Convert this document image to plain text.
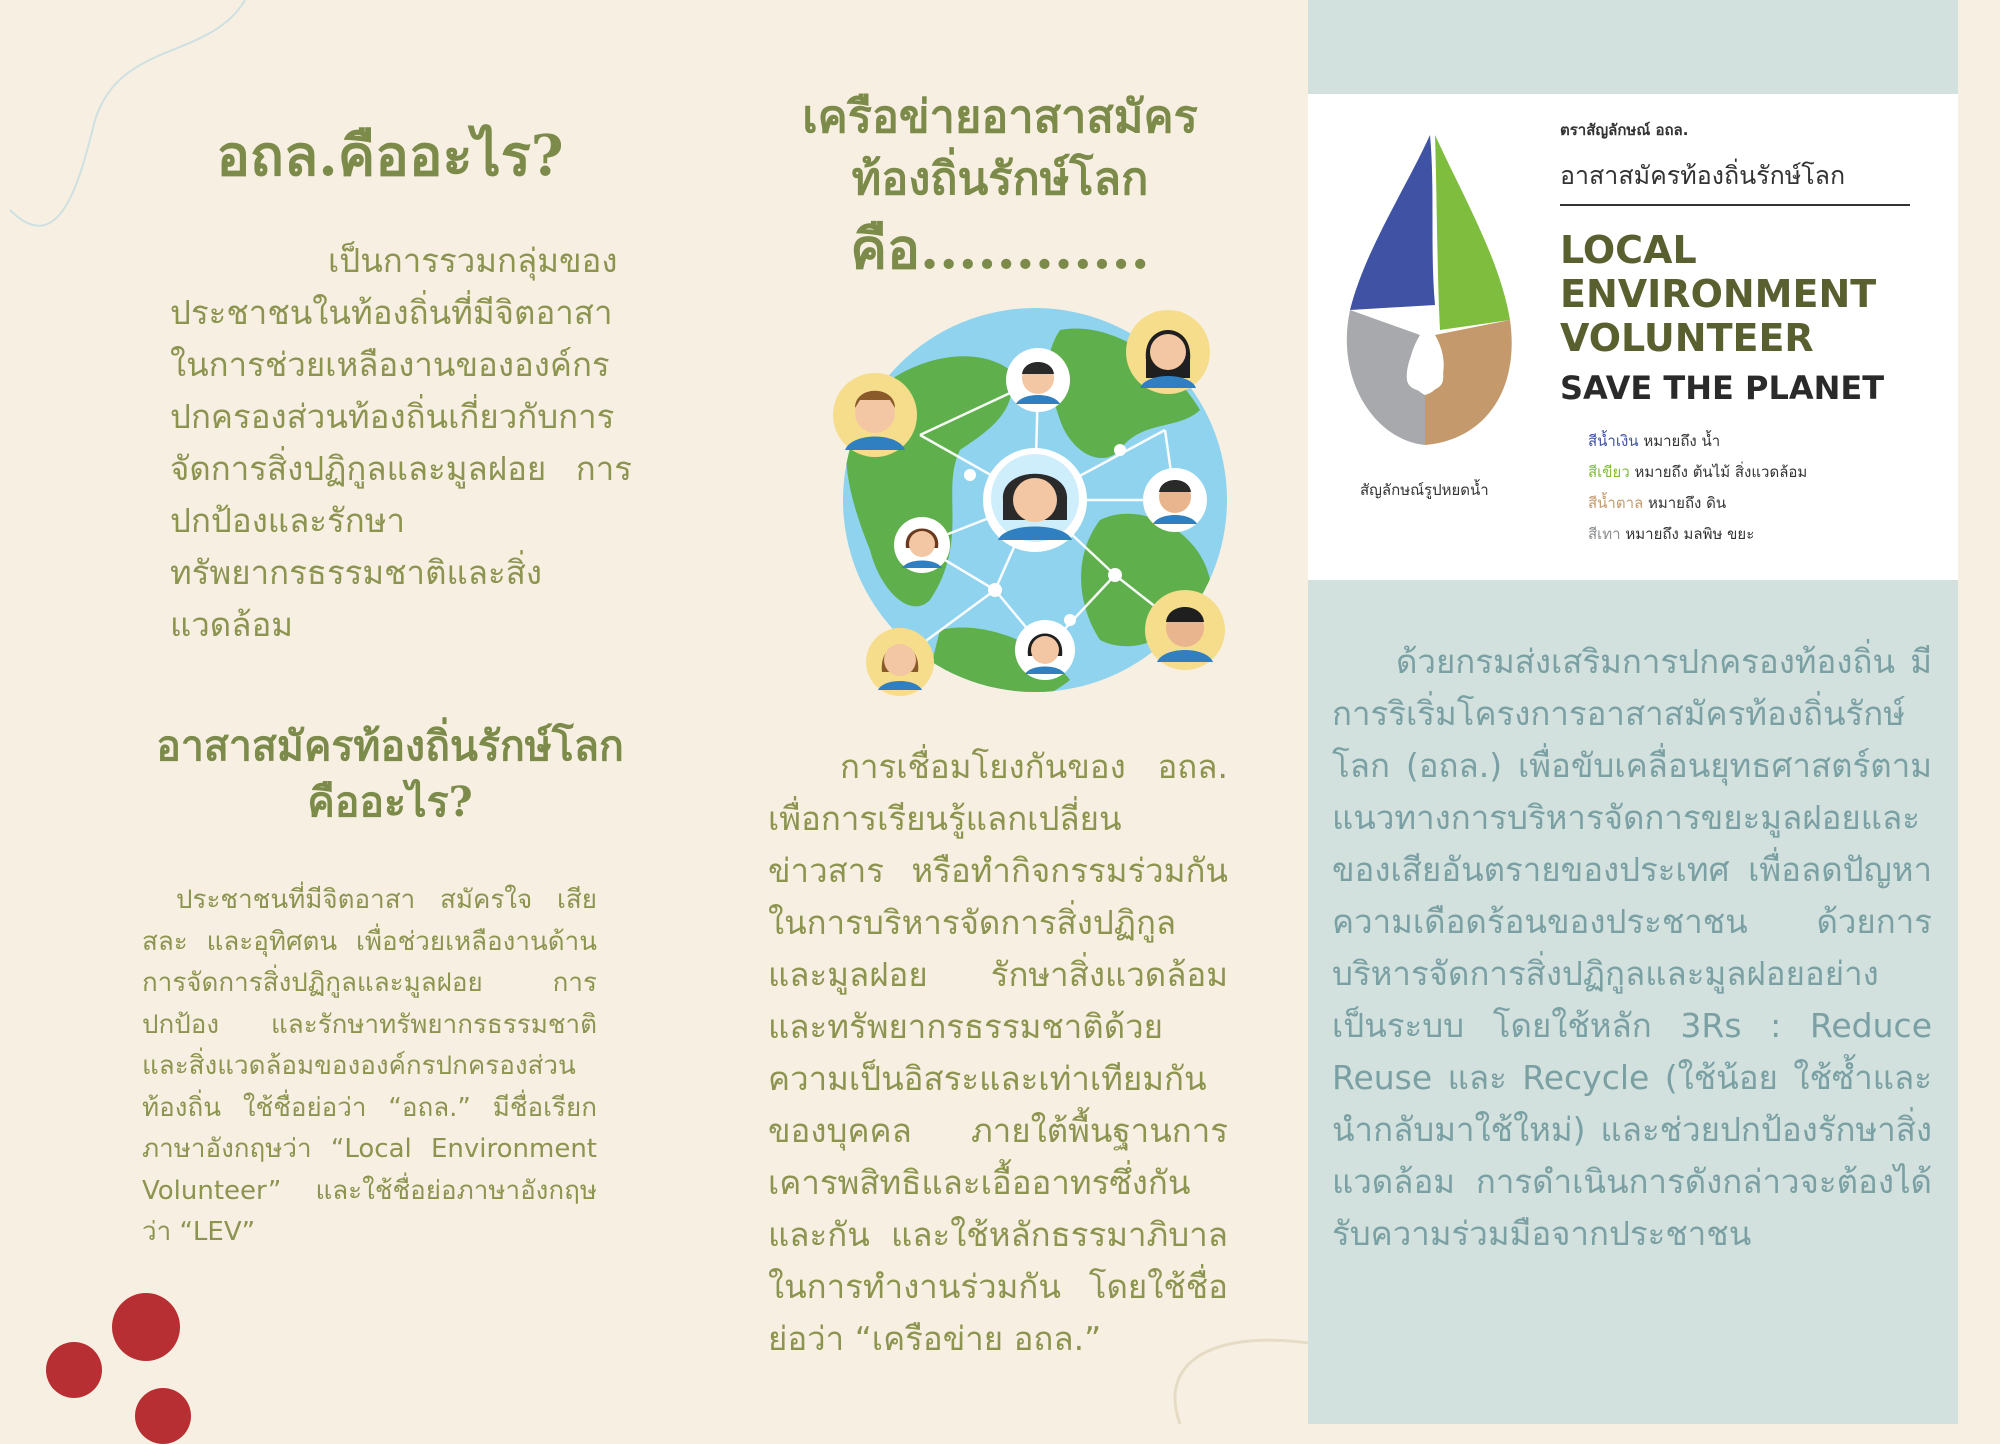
อถล.คืออะไร?
เป็นการรวมกลุ่มของประชาชนในท้องถิ่นที่มีจิตอาสาในการช่วยเหลืองานขององค์กรปกครองส่วนท้องถิ่นเกี่ยวกับการจัดการสิ่งปฏิกูลและมูลฝอย การปกป้องและรักษาทรัพยากรธรรมชาติและสิ่งแวดล้อม
อาสาสมัครท้องถิ่นรักษ์โลก
คืออะไร?
ประชาชนที่มีจิตอาสา สมัครใจ เสียสละ และอุทิศตน เพื่อช่วยเหลืองานด้านการจัดการสิ่งปฏิกูลและมูลฝอย การปกป้อง และรักษาทรัพยากรธรรมชาติและสิ่งแวดล้อมขององค์กรปกครองส่วนท้องถิ่น ใช้ชื่อย่อว่า “อถล.” มีชื่อเรียกภาษาอังกฤษว่า “Local Environment Volunteer” และใช้ชื่อย่อภาษาอังกฤษว่า “LEV”
เครือข่ายอาสาสมัคร
ท้องถิ่นรักษ์โลก
คือ............
การเชื่อมโยงกันของ อถล. เพื่อการเรียนรู้แลกเปลี่ยนข่าวสาร หรือทำกิจกรรมร่วมกันในการบริหารจัดการสิ่งปฏิกูลและมูลฝอย รักษาสิ่งแวดล้อมและทรัพยากรธรรมชาติด้วยความเป็นอิสระและเท่าเทียมกันของบุคคล ภายใต้พื้นฐานการเคารพสิทธิและเอื้ออาทรซึ่งกันและกัน และใช้หลักธรรมาภิบาลในการทำงานร่วมกัน โดยใช้ชื่อย่อว่า “เครือข่าย อถล.”
ตราสัญลักษณ์ อถล.
อาสาสมัครท้องถิ่นรักษ์โลก
LOCAL
ENVIRONMENT
VOLUNTEER
SAVE THE PLANET
สีน้ำเงิน หมายถึง น้ำ
สีเขียว หมายถึง ต้นไม้ สิ่งแวดล้อม
สีน้ำตาล หมายถึง ดิน
สีเทา หมายถึง มลพิษ ขยะ
สัญลักษณ์รูปหยดน้ำ
ด้วยกรมส่งเสริมการปกครองท้องถิ่น มีการริเริ่มโครงการอาสาสมัครท้องถิ่นรักษ์โลก (อถล.) เพื่อขับเคลื่อนยุทธศาสตร์ตามแนวทางการบริหารจัดการขยะมูลฝอยและของเสียอันตรายของประเทศ เพื่อลดปัญหาความเดือดร้อนของประชาชน ด้วยการบริหารจัดการสิ่งปฏิกูลและมูลฝอยอย่างเป็นระบบ โดยใช้หลัก 3Rs : Reduce Reuse และ Recycle (ใช้น้อย ใช้ซ้ำและนำกลับมาใช้ใหม่) และช่วยปกป้องรักษาสิ่งแวดล้อม การดำเนินการดังกล่าวจะต้องได้รับความร่วมมือจากประชาชน
